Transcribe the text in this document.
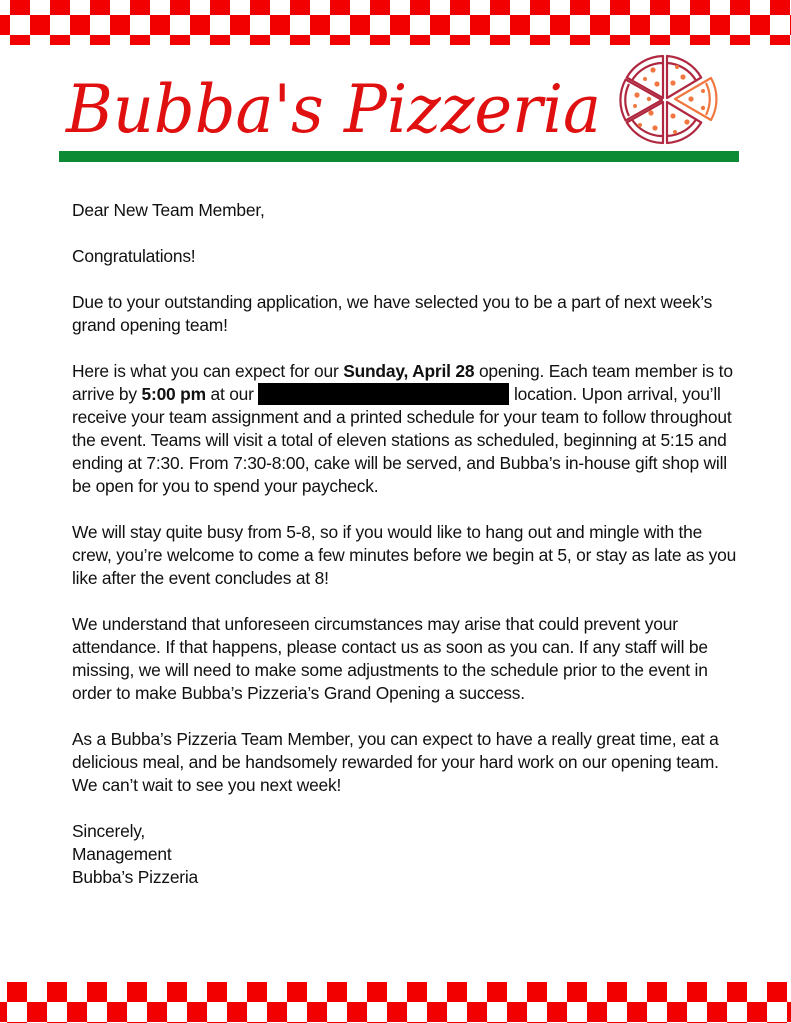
Bubba's Pizzeria

Dear New Team Member,

Congratulations!

Due to your outstanding application, we have selected you to be a part of next week’s grand opening team!

Here is what you can expect for our Sunday, April 28 opening. Each team member is to arrive by 5:00 pm at our	location. Upon arrival, you’ll receive your team assignment and a printed schedule for your team to follow throughout the event. Teams will visit a total of eleven stations as scheduled, beginning at 5:15 and ending at 7:30. From 7:30-8:00, cake will be served, and Bubba’s in-house gift shop will be open for you to spend your paycheck.

We will stay quite busy from 5-8, so if you would like to hang out and mingle with the crew, you’re welcome to come a few minutes before we begin at 5, or stay as late as you like after the event concludes at 8!

We understand that unforeseen circumstances may arise that could prevent your attendance. If that happens, please contact us as soon as you can. If any staff will be missing, we will need to make some adjustments to the schedule prior to the event in order to make Bubba’s Pizzeria’s Grand Opening a success.

As a Bubba’s Pizzeria Team Member, you can expect to have a really great time, eat a delicious meal, and be handsomely rewarded for your hard work on our opening team. We can’t wait to see you next week!

Sincerely,

Management

Bubba’s Pizzeria
